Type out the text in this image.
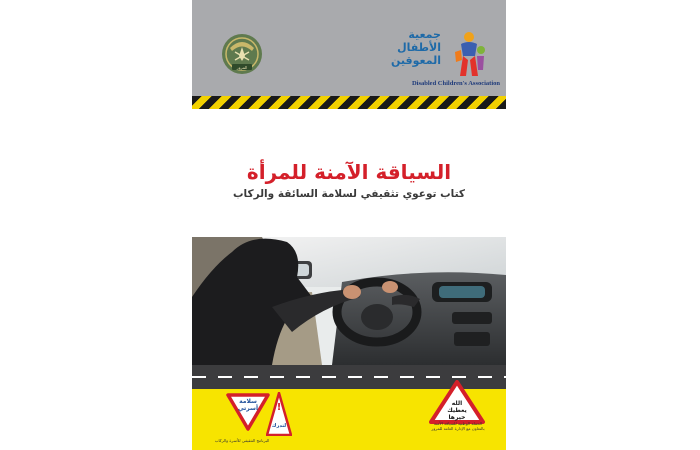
المرور
جمعية
الأطفال
المعوقين
Disabled Children's Association
السياقة الآمنة للمرأة
كتاب توعوي تثقيفي لسلامة السائقة والركاب
الله
يعطيك
خيرها
الحملة الوطنية للسياقة الآمنة
بالتعاون مع الإدارة العامة للمرور
سلامة
أسرتي	!
لتدرك
البرنامج التثقيفي للأسرة والركاب
